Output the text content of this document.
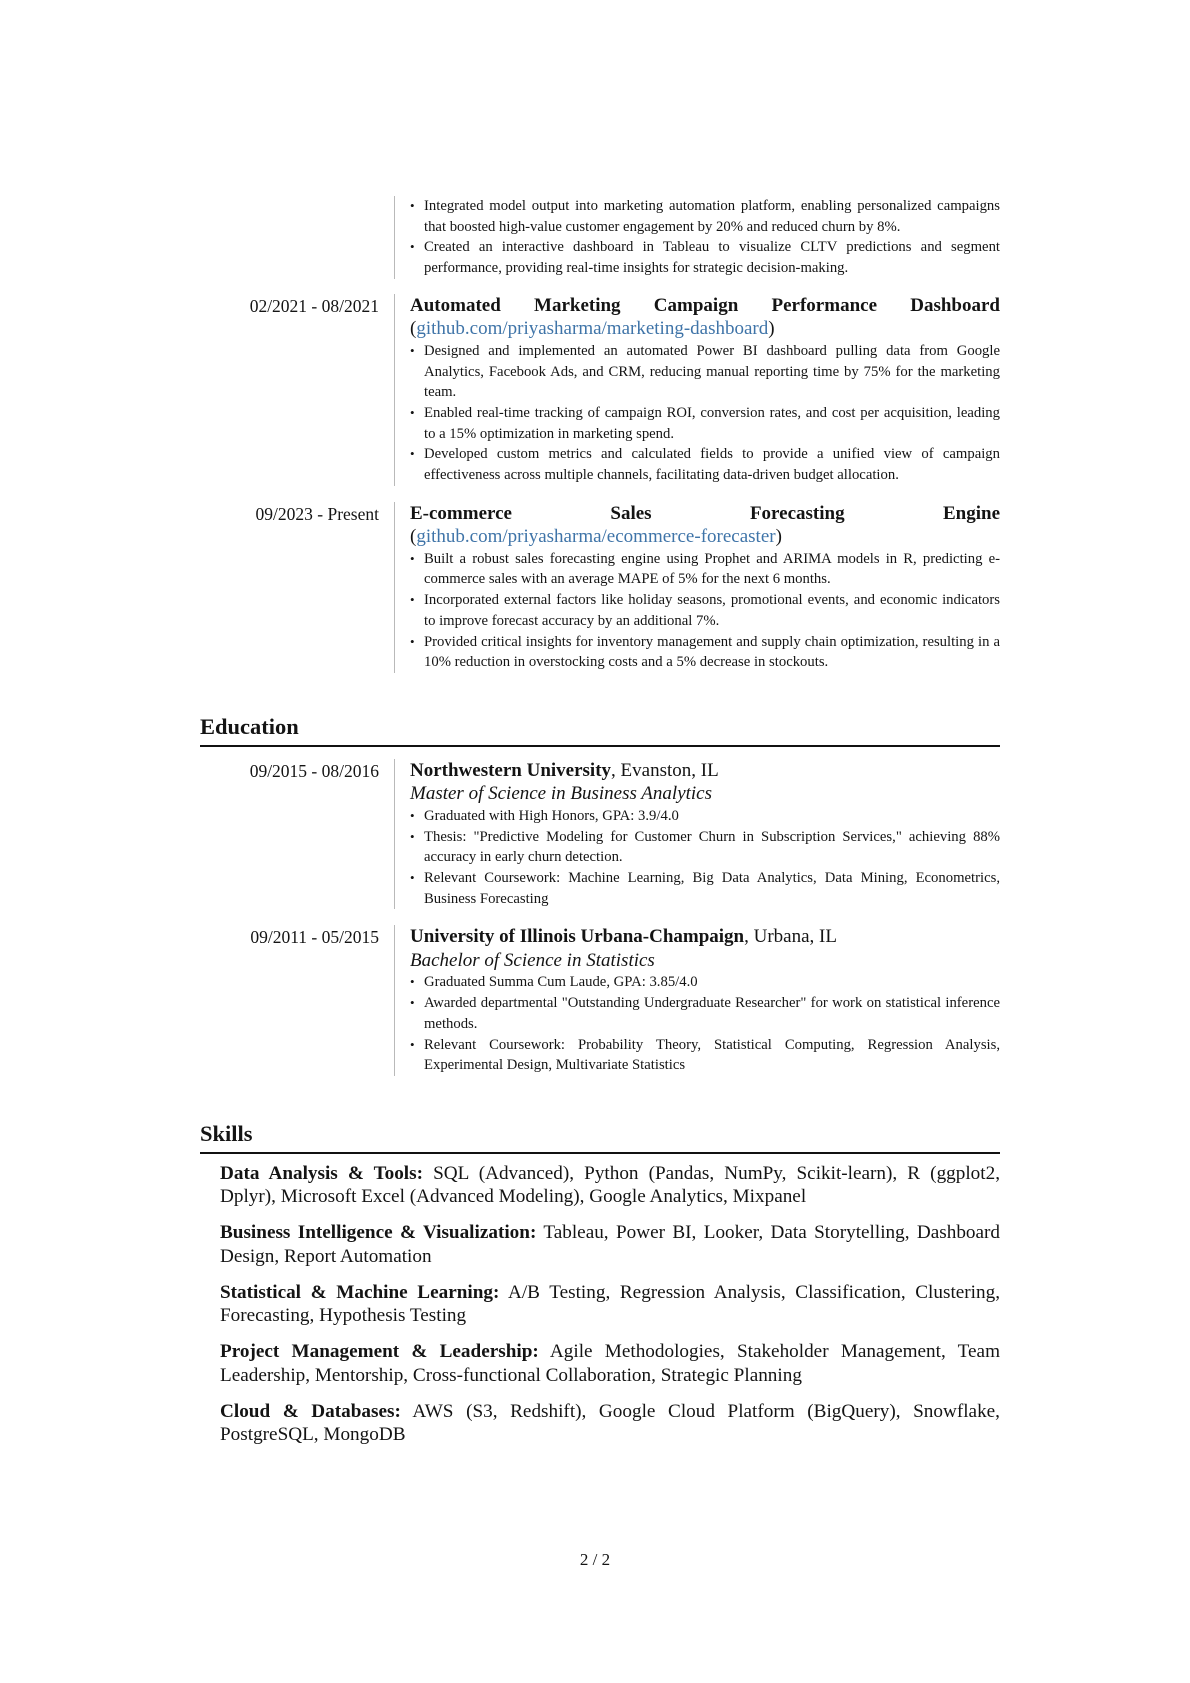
• Integrated model output into marketing automation platform, enabling personalized campaigns that boosted high-value customer engagement by 20% and reduced churn by 8%.
• Created an interactive dashboard in Tableau to visualize CLTV predictions and segment performance, providing real-time insights for strategic decision-making.
02/2021 - 08/2021	Automated Marketing Campaign Performance Dashboard (github.com/priyasharma/marketing-dashboard)
• Designed and implemented an automated Power BI dashboard pulling data from Google Analytics, Facebook Ads, and CRM, reducing manual reporting time by 75% for the marketing team.
• Enabled real-time tracking of campaign ROI, conversion rates, and cost per acquisition, leading to a 15% optimization in marketing spend.
• Developed custom metrics and calculated fields to provide a unified view of campaign effectiveness across multiple channels, facilitating data-driven budget allocation.
09/2023 - Present	E-commerce Sales Forecasting Engine (github.com/priyasharma/ecommerce-forecaster)
• Built a robust sales forecasting engine using Prophet and ARIMA models in R, predicting e-commerce sales with an average MAPE of 5% for the next 6 months.
• Incorporated external factors like holiday seasons, promotional events, and economic indicators to improve forecast accuracy by an additional 7%.
• Provided critical insights for inventory management and supply chain optimization, resulting in a 10% reduction in overstocking costs and a 5% decrease in stockouts.
Education
09/2015 - 08/2016	Northwestern University, Evanston, IL
Master of Science in Business Analytics
• Graduated with High Honors, GPA: 3.9/4.0
• Thesis: "Predictive Modeling for Customer Churn in Subscription Services," achieving 88% accuracy in early churn detection.
• Relevant Coursework: Machine Learning, Big Data Analytics, Data Mining, Econometrics, Business Forecasting
09/2011 - 05/2015	University of Illinois Urbana-Champaign, Urbana, IL
Bachelor of Science in Statistics
• Graduated Summa Cum Laude, GPA: 3.85/4.0
• Awarded departmental "Outstanding Undergraduate Researcher" for work on statistical inference methods.
• Relevant Coursework: Probability Theory, Statistical Computing, Regression Analysis, Experimental Design, Multivariate Statistics
Skills
Data Analysis & Tools: SQL (Advanced), Python (Pandas, NumPy, Scikit-learn), R (ggplot2, Dplyr), Microsoft Excel (Advanced Modeling), Google Analytics, Mixpanel
Business Intelligence & Visualization: Tableau, Power BI, Looker, Data Storytelling, Dashboard Design, Report Automation
Statistical & Machine Learning: A/B Testing, Regression Analysis, Classification, Clustering, Forecasting, Hypothesis Testing
Project Management & Leadership: Agile Methodologies, Stakeholder Management, Team Leadership, Mentorship, Cross-functional Collaboration, Strategic Planning
Cloud & Databases: AWS (S3, Redshift), Google Cloud Platform (BigQuery), Snowflake, PostgreSQL, MongoDB
2 / 2
